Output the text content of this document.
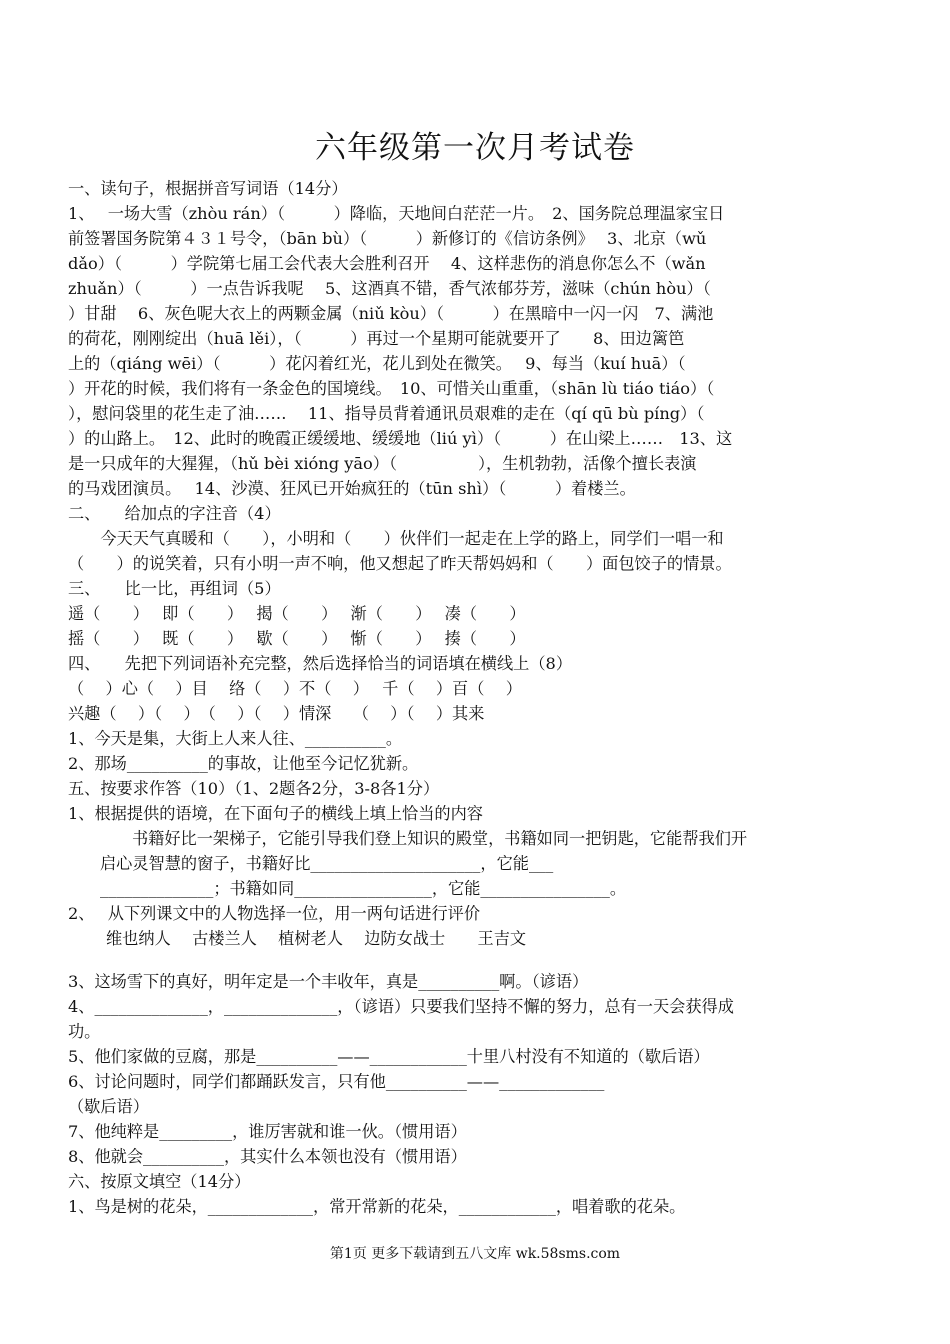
六年级第一次月考试卷

一、读句子，根据拼音写词语（14分）

1、　 一场大雪（zhòu rán）（　　　）降临，天地间白茫茫一片。　2、国务院总理温家宝日

前签署国务院第４３１号令，（bān bù）（　　　）新修订的《信访条例》　 3、北京（wǔ

dǎo）（　　　）学院第七届工会代表大会胜利召开　 4、这样悲伤的消息你怎么不（wǎn

zhuǎn）（　　　）一点告诉我呢　 5、这酒真不错，香气浓郁芬芳，滋味（chún hòu）（

）甘甜　 6、灰色呢大衣上的两颗金属（niǔ kòu）（　　　）在黑暗中一闪一闪　7、满池

的荷花，刚刚绽出（huā lěi），（　　　）再过一个星期可能就要开了　　8、田边篱笆

上的（qiáng wēi）（　　　）花闪着红光，花儿到处在微笑。　 9、每当（kuí huā）（

）开花的时候，我们将有一条金色的国境线。　10、可惜关山重重，（shān lù tiáo tiáo）（

），慰问袋里的花生走了油……　 11、指导员背着通讯员艰难的走在（qí qū bù píng）（

）的山路上。　12、此时的晚霞正缓缓地、缓缓地（liú yì）（　　　）在山梁上……　13、这

是一只成年的大猩猩，（hǔ bèi xióng yāo）（　　　　　），生机勃勃，活像个擅长表演

的马戏团演员。　 14、沙漠、狂风已开始疯狂的（tūn shì）（　　　）着楼兰。

二、　　给加点的字注音（4）

　　今天天气真暖和（　　），小明和（　　）伙伴们一起走在上学的路上，同学们一唱一和

（　　）的说笑着，只有小明一声不响，他又想起了昨天帮妈妈和（　　）面包饺子的情景。

三、　　比一比，再组词（5）

遥（　　）　 即（　　）　 揭（　　）　 渐（　　）　 凑（　　）

摇（　　）　 既（　　）　 歇（　　）　 惭（　　）　 揍（　　）

四、　　先把下列词语补充完整，然后选择恰当的词语填在横线上（8）

（　 ）心（　 ）目　 络（　 ）不（　 ）　 千（　 ）百（　 ）

兴趣（　 ）（　 ）　（　 ）（　 ）情深　 （　 ）（　 ）其来

1、今天是集，大街上人来人往、__________。

2、那场__________的事故，让他至今记忆犹新。

五、按要求作答（10）（1、2题各2分，3-8各1分）

1、根据提供的语境，在下面句子的横线上填上恰当的内容

书籍好比一架梯子，它能引导我们登上知识的殿堂，书籍如同一把钥匙，它能帮我们开

启心灵智慧的窗子，书籍好比_____________________，它能___

______________；书籍如同_________________，它能________________。

2、　 从下列课文中的人物选择一位，用一两句话进行评价

维也纳人　 古楼兰人　 植树老人　 边防女战士　　王吉文

3、这场雪下的真好，明年定是一个丰收年，真是__________啊。（谚语）

4、______________，______________，（谚语）只要我们坚持不懈的努力，总有一天会获得成

功。

5、他们家做的豆腐，那是__________——____________十里八村没有不知道的（歇后语）

6、讨论问题时，同学们都踊跃发言，只有他__________——_____________

（歇后语）

7、他纯粹是_________，谁厉害就和谁一伙。（惯用语）

8、他就会__________，其实什么本领也没有（惯用语）

六、按原文填空（14分）

1、鸟是树的花朵，_____________，常开常新的花朵，____________，唱着歌的花朵。

第1页 更多下载请到五八文库 wk.58sms.com
